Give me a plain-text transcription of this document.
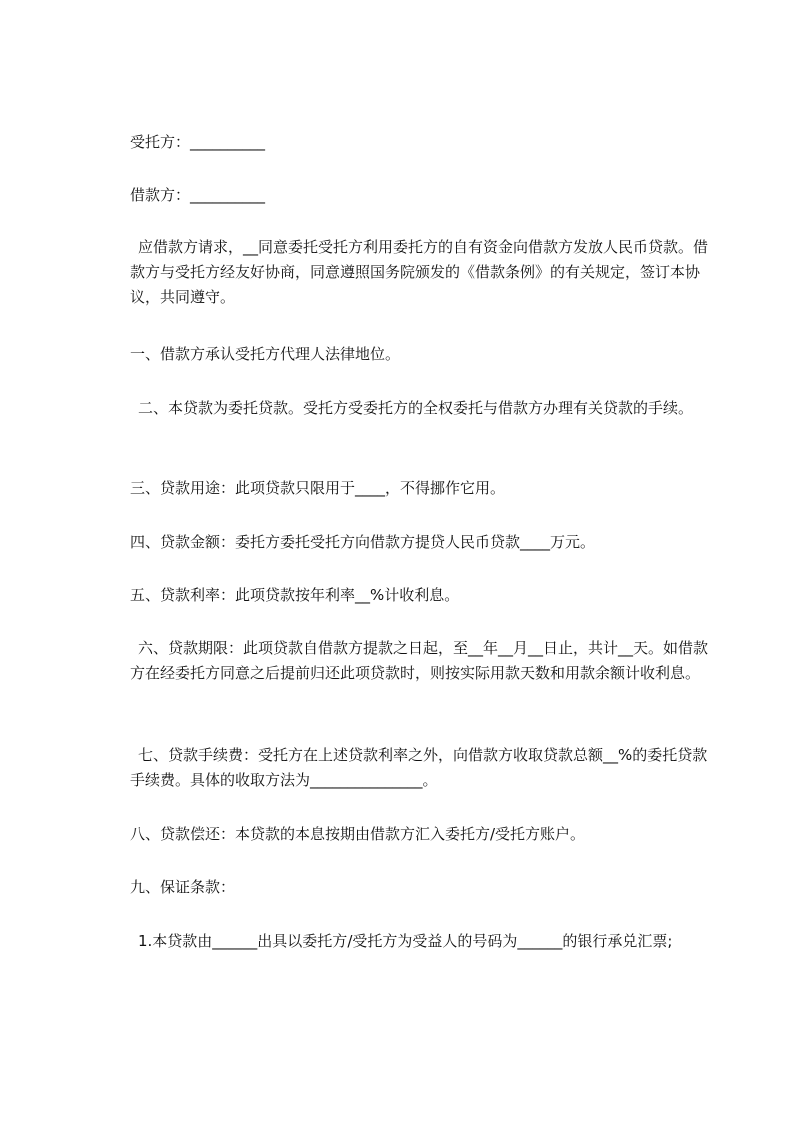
受托方：__________

借款方：__________

应借款方请求，__同意委托受托方利用委托方的自有资金向借款方发放人民币贷款。借款方与受托方经友好协商，同意遵照国务院颁发的《借款条例》的有关规定，签订本协议，共同遵守。

一、借款方承认受托方代理人法律地位。

二、本贷款为委托贷款。受托方受委托方的全权委托与借款方办理有关贷款的手续。

三、贷款用途：此项贷款只限用于____，不得挪作它用。

四、贷款金额：委托方委托受托方向借款方提贷人民币贷款____万元。

五、贷款利率：此项贷款按年利率__%计收利息。

六、贷款期限：此项贷款自借款方提款之日起，至__年__月__日止，共计__天。如借款方在经委托方同意之后提前归还此项贷款时，则按实际用款天数和用款余额计收利息。

七、贷款手续费：受托方在上述贷款利率之外，向借款方收取贷款总额__%的委托贷款手续费。具体的收取方法为_______________。

八、贷款偿还：本贷款的本息按期由借款方汇入委托方/受托方账户。

九、保证条款：

1.本贷款由______出具以委托方/受托方为受益人的号码为______的银行承兑汇票;
